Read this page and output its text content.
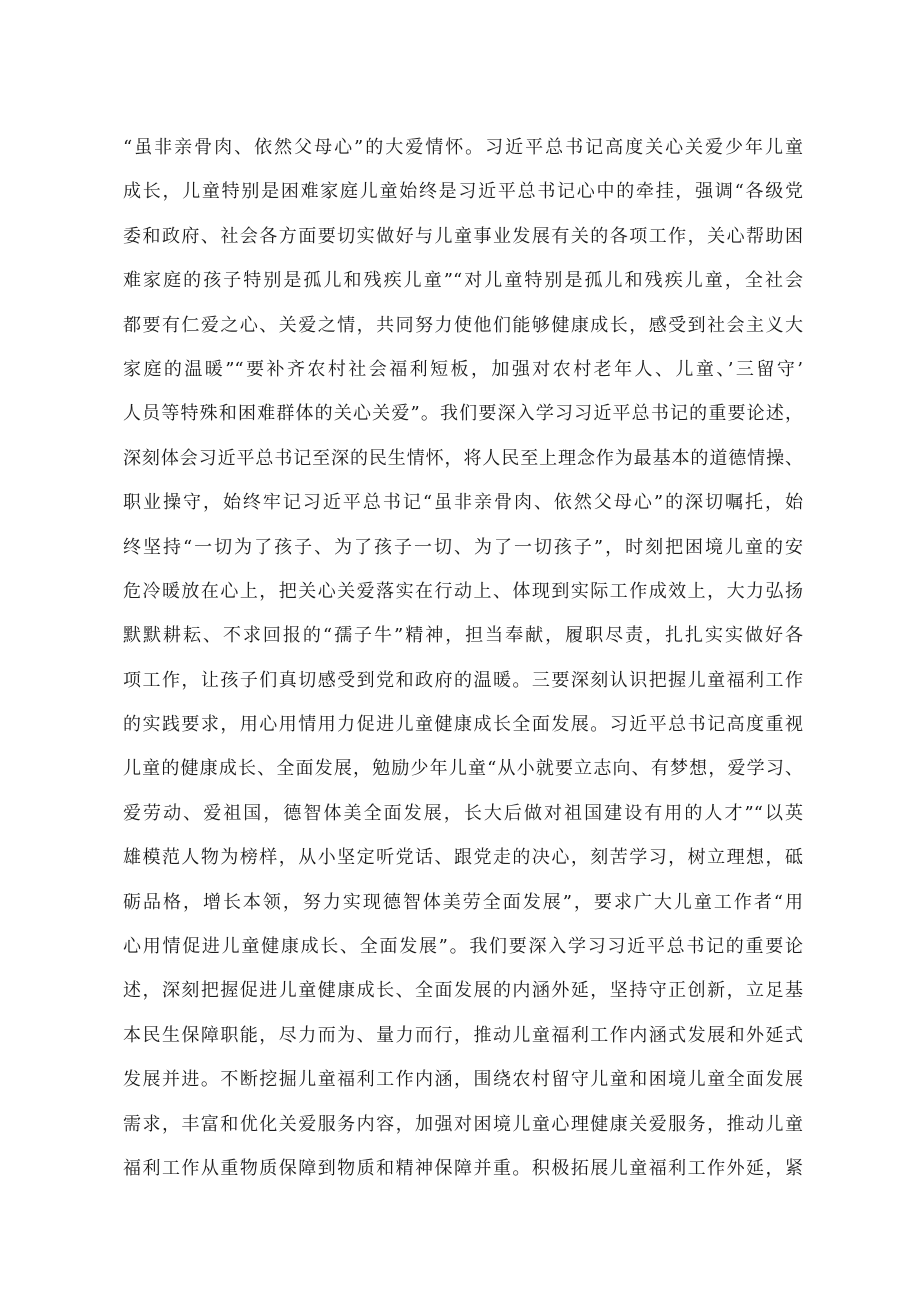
“虽非亲骨肉、依然父母心”的大爱情怀。习近平总书记高度关心关爱少年儿童
成长，儿童特别是困难家庭儿童始终是习近平总书记心中的牵挂，强调“各级党
委和政府、社会各方面要切实做好与儿童事业发展有关的各项工作，关心帮助困
难家庭的孩子特别是孤儿和残疾儿童”“对儿童特别是孤儿和残疾儿童，全社会
都要有仁爱之心、关爱之情，共同努力使他们能够健康成长，感受到社会主义大
家庭的温暖”“要补齐农村社会福利短板，加强对农村老年人、儿童、’三留守’
人员等特殊和困难群体的关心关爱”。我们要深入学习习近平总书记的重要论述，
深刻体会习近平总书记至深的民生情怀，将人民至上理念作为最基本的道德情操、
职业操守，始终牢记习近平总书记“虽非亲骨肉、依然父母心”的深切嘱托，始
终坚持“一切为了孩子、为了孩子一切、为了一切孩子”，时刻把困境儿童的安
危冷暖放在心上，把关心关爱落实在行动上、体现到实际工作成效上，大力弘扬
默默耕耘、不求回报的“孺子牛”精神，担当奉献，履职尽责，扎扎实实做好各
项工作，让孩子们真切感受到党和政府的温暖。三要深刻认识把握儿童福利工作
的实践要求，用心用情用力促进儿童健康成长全面发展。习近平总书记高度重视
儿童的健康成长、全面发展，勉励少年儿童“从小就要立志向、有梦想，爱学习、
爱劳动、爱祖国，德智体美全面发展，长大后做对祖国建设有用的人才”“以英
雄模范人物为榜样，从小坚定听党话、跟党走的决心，刻苦学习，树立理想，砥
砺品格，增长本领，努力实现德智体美劳全面发展”，要求广大儿童工作者“用
心用情促进儿童健康成长、全面发展”。我们要深入学习习近平总书记的重要论
述，深刻把握促进儿童健康成长、全面发展的内涵外延，坚持守正创新，立足基
本民生保障职能，尽力而为、量力而行，推动儿童福利工作内涵式发展和外延式
发展并进。不断挖掘儿童福利工作内涵，围绕农村留守儿童和困境儿童全面发展
需求，丰富和优化关爱服务内容，加强对困境儿童心理健康关爱服务，推动儿童
福利工作从重物质保障到物质和精神保障并重。积极拓展儿童福利工作外延，紧
